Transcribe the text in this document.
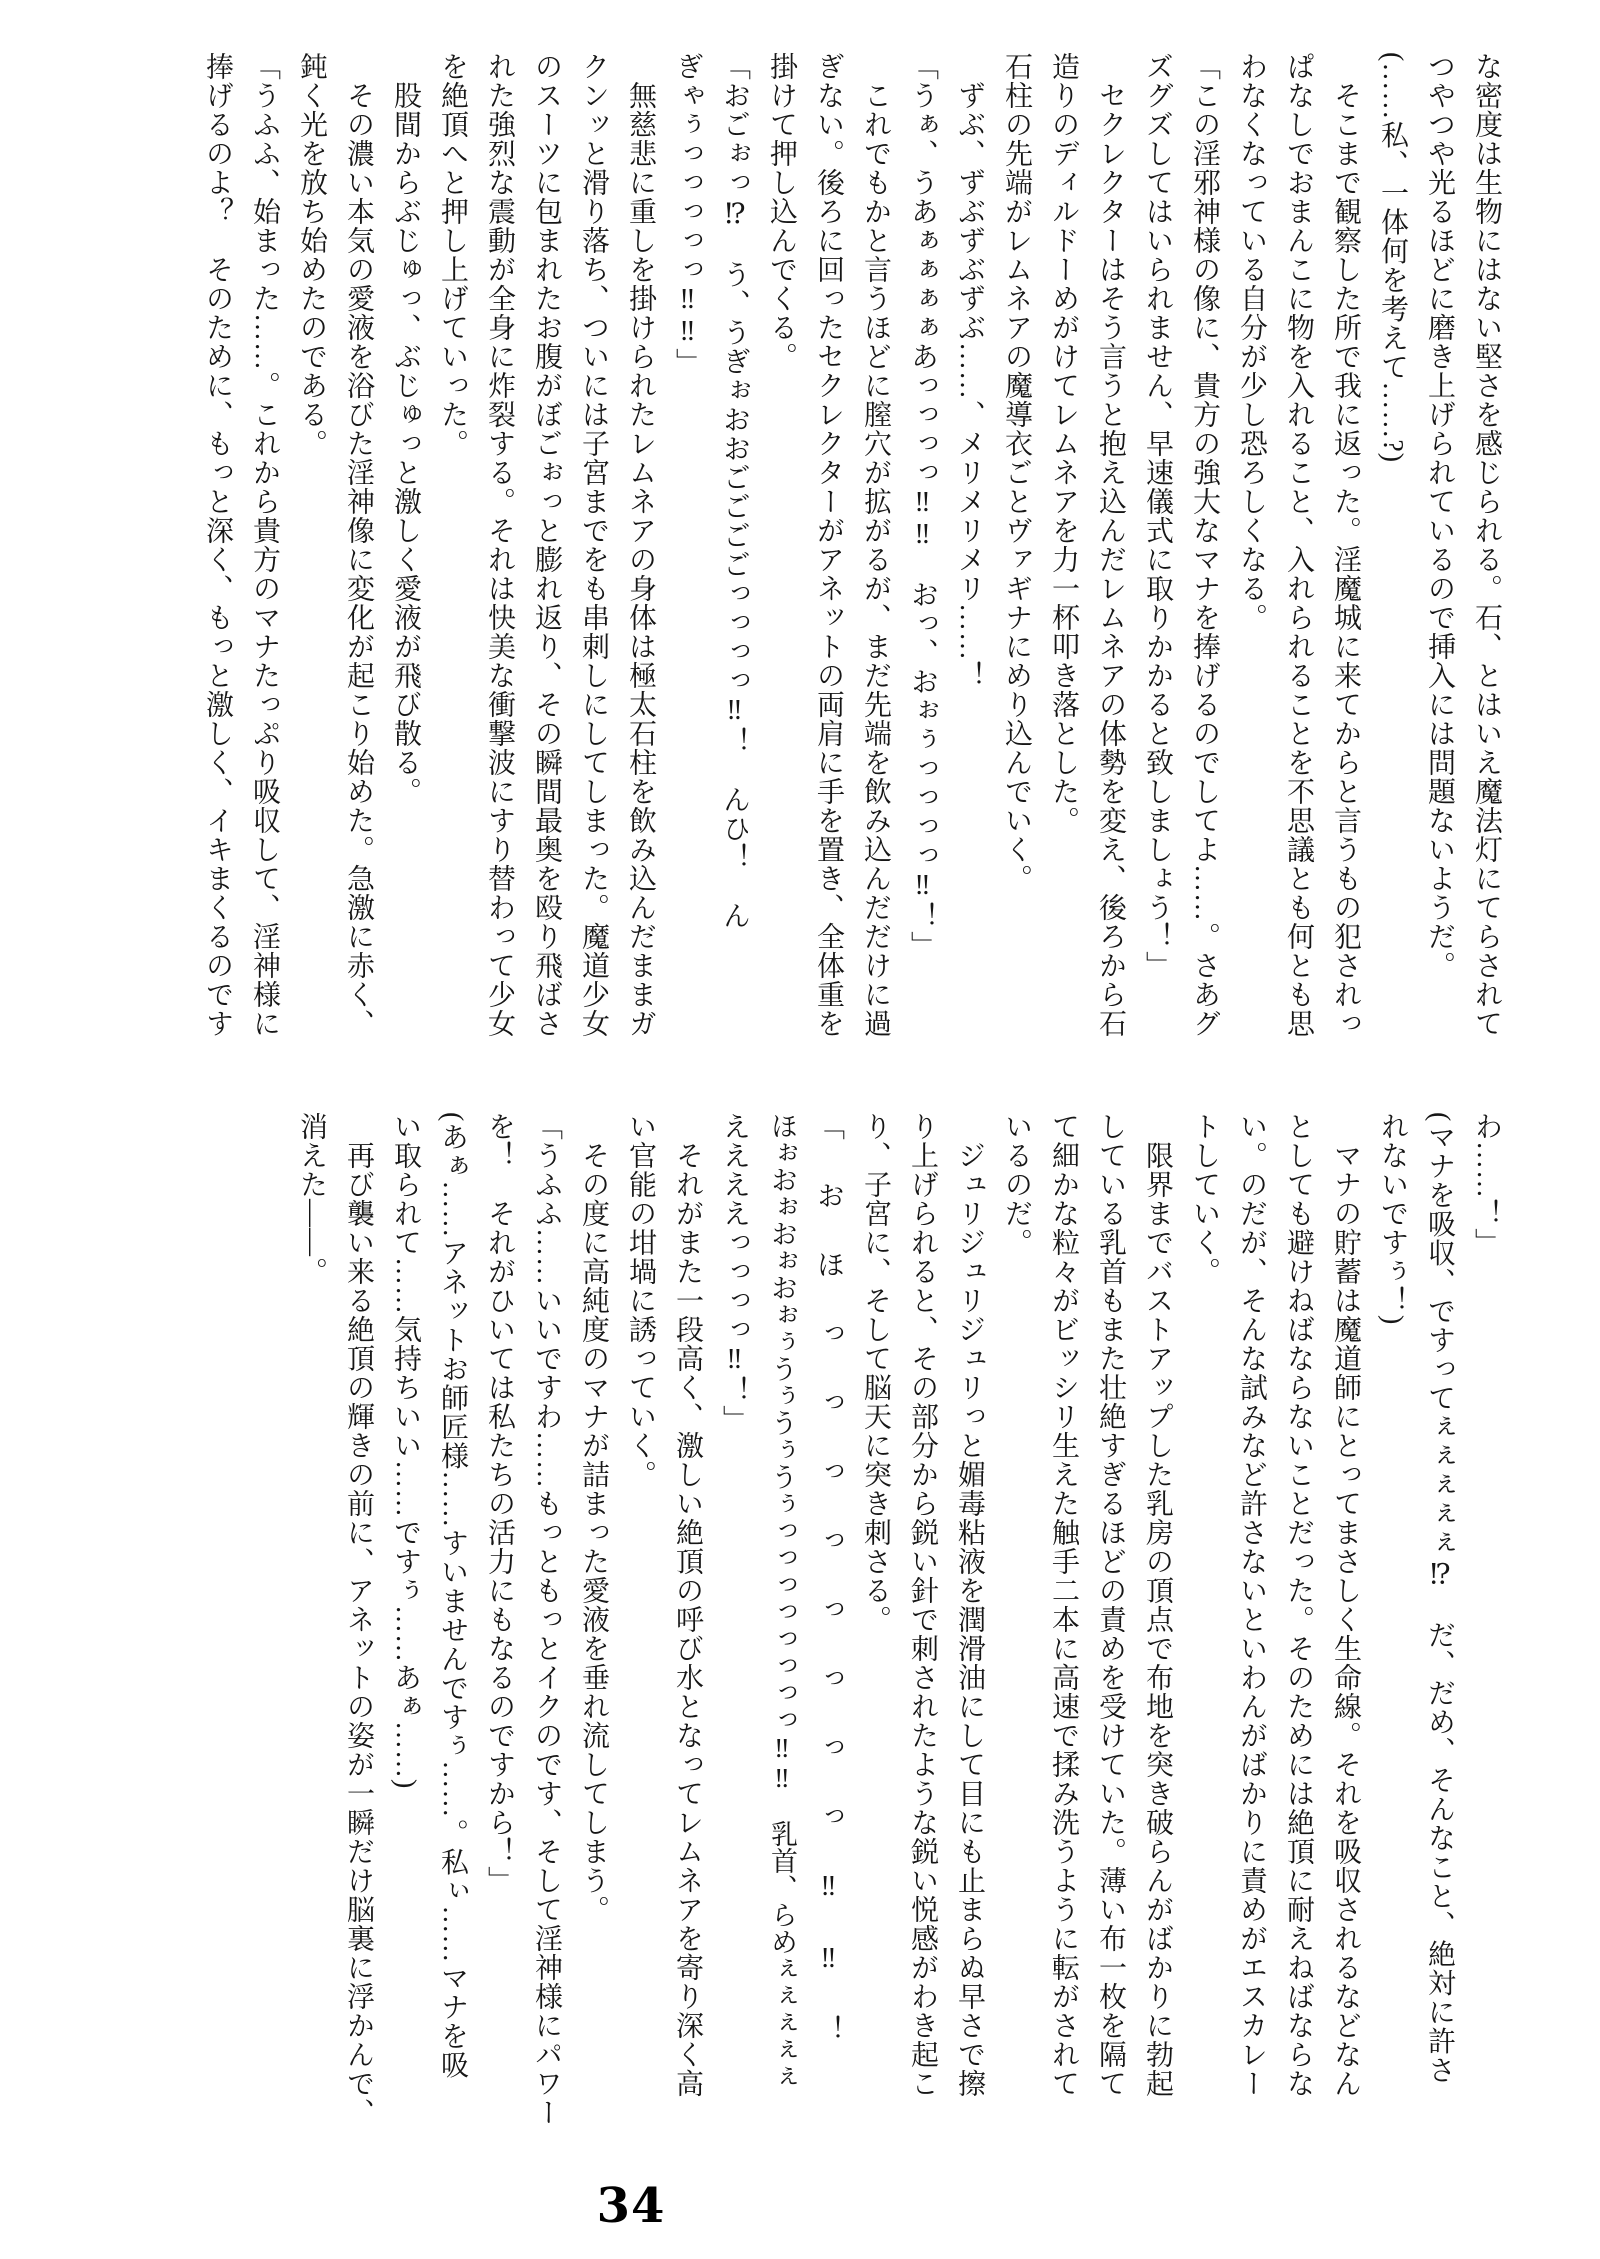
な密度は生物にはない堅さを感じられる。石、とはいえ魔法灯にてらされて
つやつや光るほどに磨き上げられているので挿入には問題ないようだ。
(……私、一体何を考えて……?)
　そこまで観察した所で我に返った。淫魔城に来てからと言うもの犯されっ
ぱなしでおまんこに物を入れること、入れられることを不思議とも何とも思
わなくなっている自分が少し恐ろしくなる。
「この淫邪神様の像に、貴方の強大なマナを捧げるのでしてよ……。さあグ
ズグズしてはいられません、早速儀式に取りかかると致しましょう！」
　セクレクターはそう言うと抱え込んだレムネアの体勢を変え、後ろから石
造りのディルドーめがけてレムネアを力一杯叩き落とした。
石柱の先端がレムネアの魔導衣ごとヴァギナにめり込んでいく。
　ずぶ、ずぶずぶずぶ……、メリメリメリ……！
「うぁ、うあぁぁぁぁあっっっっ‼‼　おっ、おぉぅっっっっ‼！」
　これでもかと言うほどに膣穴が拡がるが、まだ先端を飲み込んだだけに過
ぎない。後ろに回ったセクレクターがアネットの両肩に手を置き、全体重を
掛けて押し込んでくる。
「おごぉっ⁉　う、うぎぉおおごごごごっっっっ‼！　んひ！　ん
ぎゃぅっっっっっ‼‼」
　無慈悲に重しを掛けられたレムネアの身体は極太石柱を飲み込んだままガ
クンッと滑り落ち、ついには子宮までをも串刺しにしてしまった。魔道少女
のスーツに包まれたお腹がぼごぉっと膨れ返り、その瞬間最奥を殴り飛ばさ
れた強烈な震動が全身に炸裂する。それは快美な衝撃波にすり替わって少女
を絶頂へと押し上げていった。
　股間からぶじゅっ、ぶじゅっと激しく愛液が飛び散る。
　その濃い本気の愛液を浴びた淫神像に変化が起こり始めた。急激に赤く、
鈍く光を放ち始めたのである。
「うふふ、始まった……。これから貴方のマナたっぷり吸収して、淫神様に
捧げるのよ？　そのために、もっと深く、もっと激しく、イキまくるのです
わ……！」
(マナを吸収、ですってぇぇぇぇぇ⁉　だ、だめ、そんなこと、絶対に許さ
れないですぅ！)
　マナの貯蓄は魔道師にとってまさしく生命線。それを吸収されるなどなん
としても避けねばならないことだった。そのためには絶頂に耐えねばならな
い。のだが、そんな試みなど許さないといわんがばかりに責めがエスカレー
トしていく。
　限界までバストアップした乳房の頂点で布地を突き破らんがばかりに勃起
している乳首もまた壮絶すぎるほどの責めを受けていた。薄い布一枚を隔て
て細かな粒々がビッシリ生えた触手二本に高速で揉み洗うように転がされて
いるのだ。
　ジュリジュリジュリっと媚毒粘液を潤滑油にして目にも止まらぬ早さで擦
り上げられると、その部分から鋭い針で刺されたような鋭い悦感がわき起こ
り、子宮に、そして脳天に突き刺さる。
「おほっっっっっっっっ‼‼！
ほぉおぉおぉおぉぅうぅうぅうぅっっっっっっっっ‼‼　乳首、らめぇぇぇぇぇ
ええええっっっっ‼！」
　それがまた一段高く、激しい絶頂の呼び水となってレムネアを寄り深く高
い官能の坩堝に誘っていく。
　その度に高純度のマナが詰まった愛液を垂れ流してしまう。
「うふふ……いいですわ……もっともっとイクのです、そして淫神様にパワー
を！　それがひいては私たちの活力にもなるのですから！」
(あぁ……アネットお師匠様……すいませんですぅ……。私ぃ……マナを吸
い取られて……気持ちいい……ですぅ……あぁ……)
　再び襲い来る絶頂の輝きの前に、アネットの姿が一瞬だけ脳裏に浮かんで、
消えた――。
34
